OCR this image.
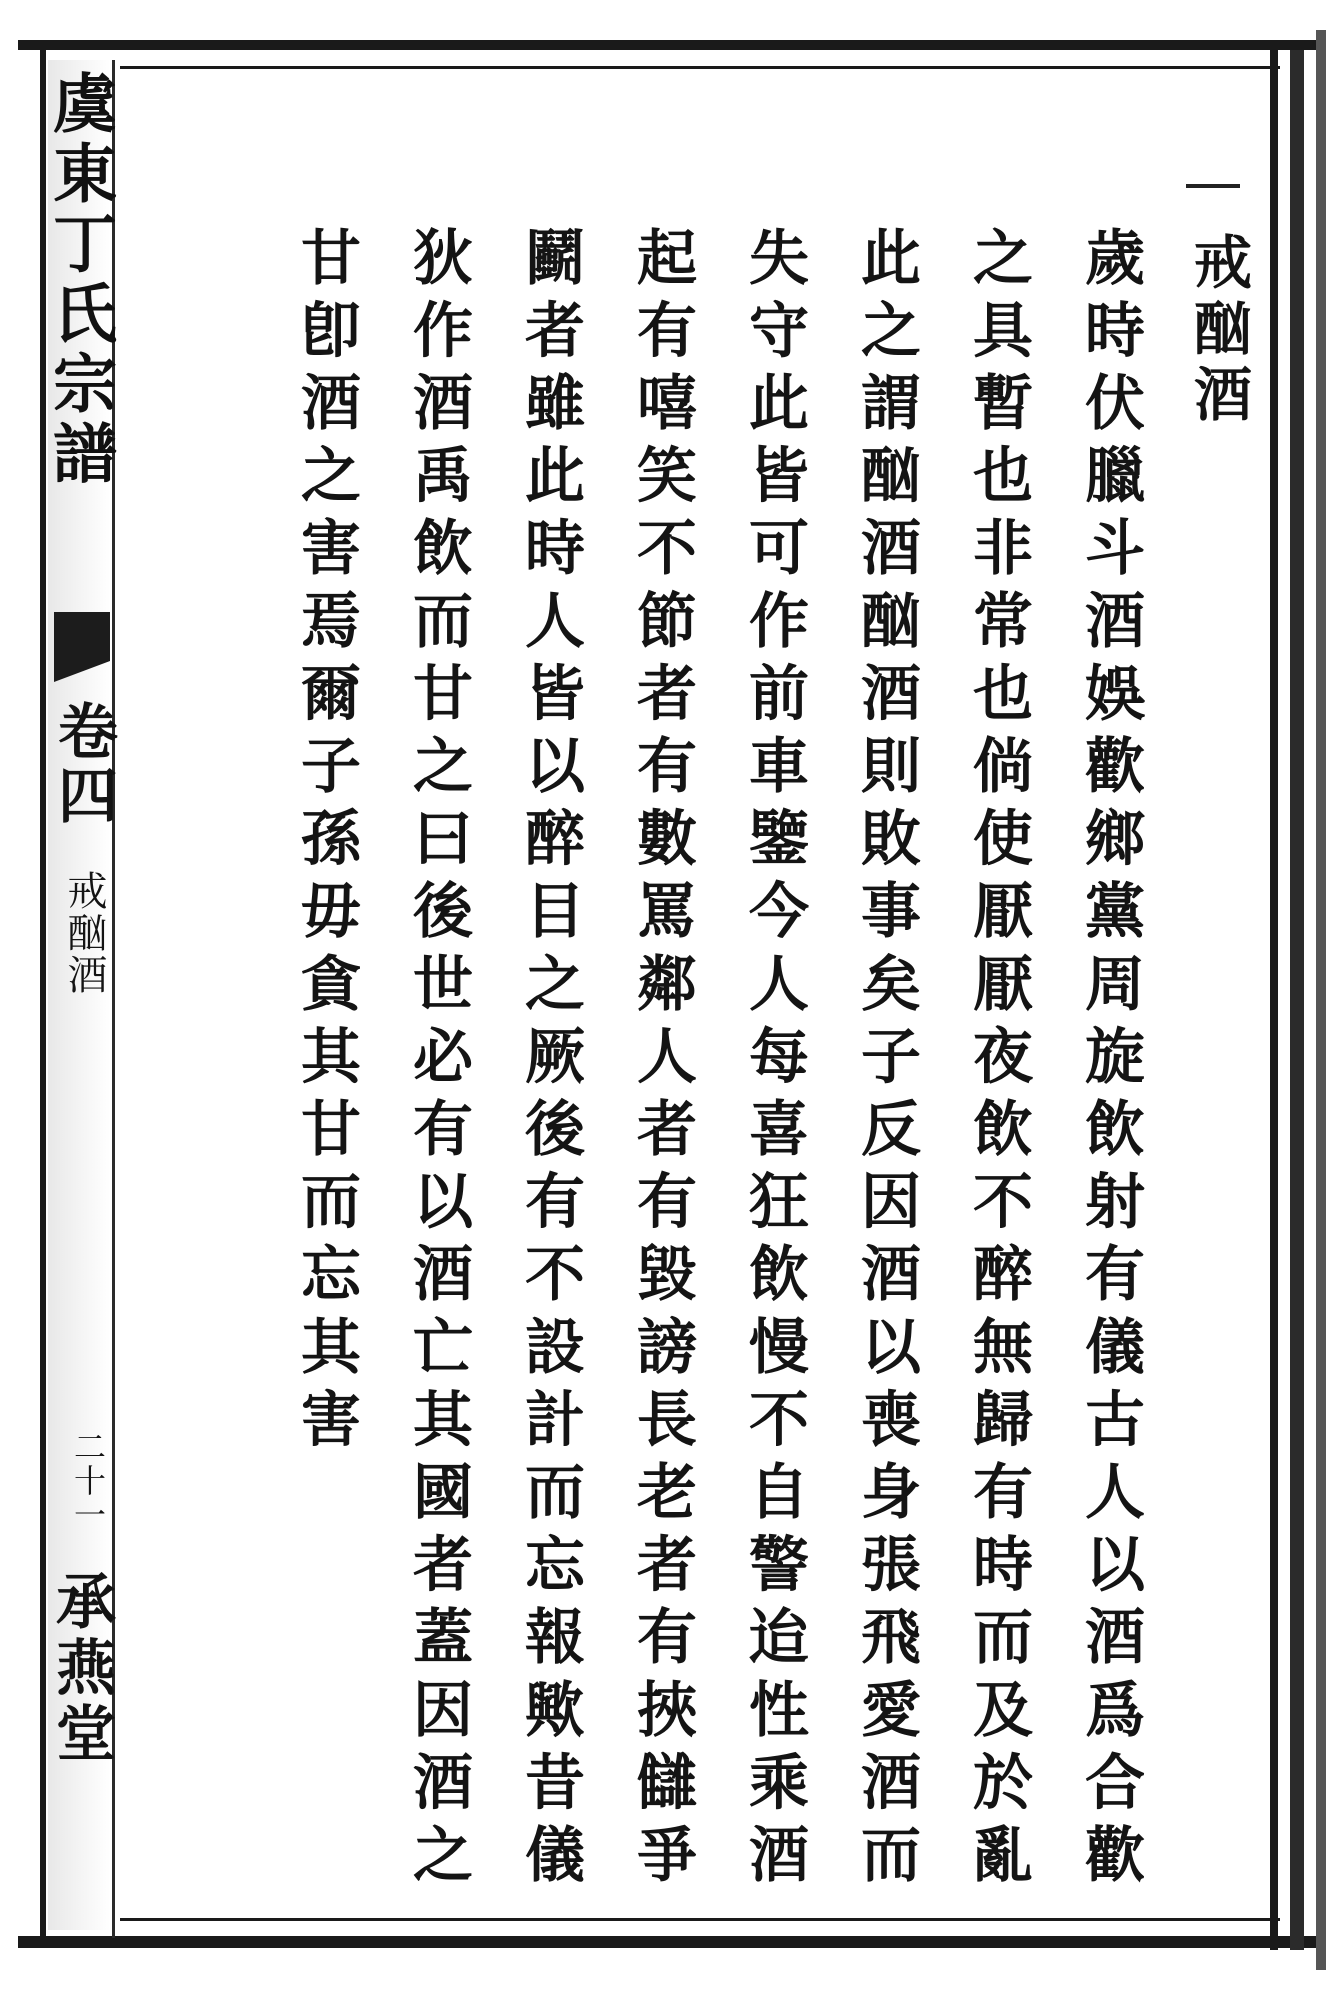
虞東丁氏宗譜
卷四
戒酗酒
二十一
承燕堂
戒酗酒
歲時伏臘斗酒娛歡鄉黨周旋飲射有儀古人以酒爲合歡
之具暫也非常也倘使厭厭夜飲不醉無歸有時而及於亂
此之謂酗酒酗酒則敗事矣子反因酒以喪身張飛愛酒而
失守此皆可作前車鑒今人每喜狂飲慢不自警迨性乘酒
起有嘻笑不節者有數罵鄰人者有毀謗長老者有挾讎爭
鬬者雖此時人皆以醉目之厥後有不設計而忘報歟昔儀
狄作酒禹飲而甘之曰後世必有以酒亡其國者蓋因酒之
甘卽酒之害焉爾子孫毋貪其甘而忘其害
